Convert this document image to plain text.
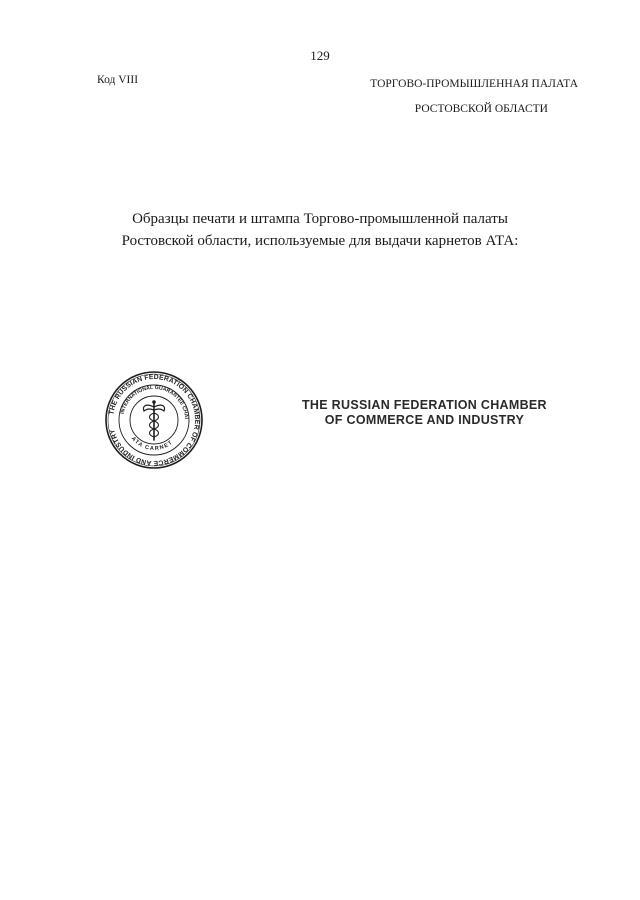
129
Код VIII	ТОРГОВО-ПРОМЫШЛЕННАЯ ПАЛАТА
РОСТОВСКОЙ ОБЛАСТИ
Образцы печати и штампа Торгово-промышленной палаты
Ростовской области, используемые для выдачи карнетов АТА:
THE RUSSIAN FEDERATION CHAMBER OF COMMERCE AND INDUSTRY
INTERNATIONAL GUARANTEE CHAI
ATA CARNET
THE RUSSIAN FEDERATION CHAMBER
OF COMMERCE AND INDUSTRY
